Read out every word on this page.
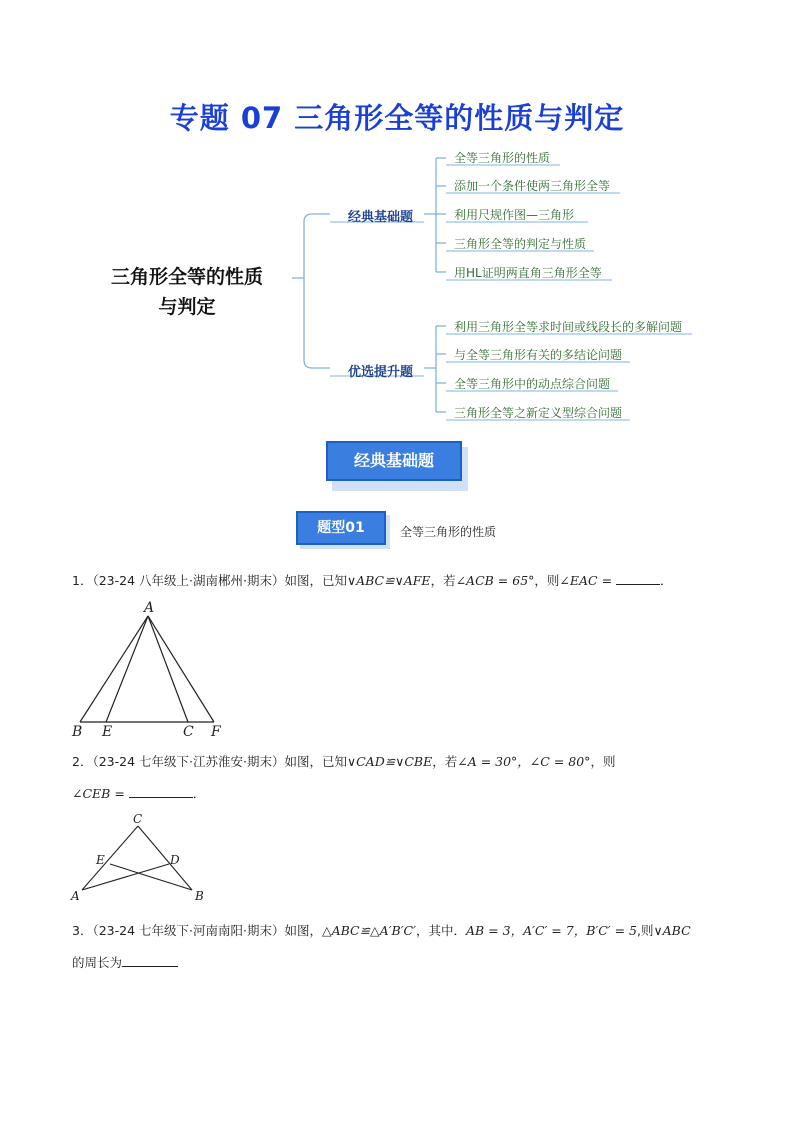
专题 07 三角形全等的性质与判定
三角形全等的性质
与判定
经典基础题
优选提升题
全等三角形的性质
添加一个条件使两三角形全等
利用尺规作图—三角形
三角形全等的判定与性质
用HL证明两直角三角形全等
利用三角形全等求时间或线段长的多解问题
与全等三角形有关的多结论问题
全等三角形中的动点综合问题
三角形全等之新定义型综合问题
经典基础题
题型01	全等三角形的性质
1．（23-24 八年级上·湖南郴州·期末）如图，已知∨ABC≌∨AFE，若∠ACB = 65°，则∠EAC =	．
A
B E	C F
2．（23-24 七年级下·江苏淮安·期末）如图，已知∨CAD≌∨CBE，若∠A = 30°，∠C = 80°，则
∠CEB =	．
C
E	D
A	B
3．（23-24 七年级下·河南南阳·期末）如图，△ABC≌△A′B′C′，其中．AB = 3，A′C′ = 7，B′C′ = 5,则∨ABC
的周长为
